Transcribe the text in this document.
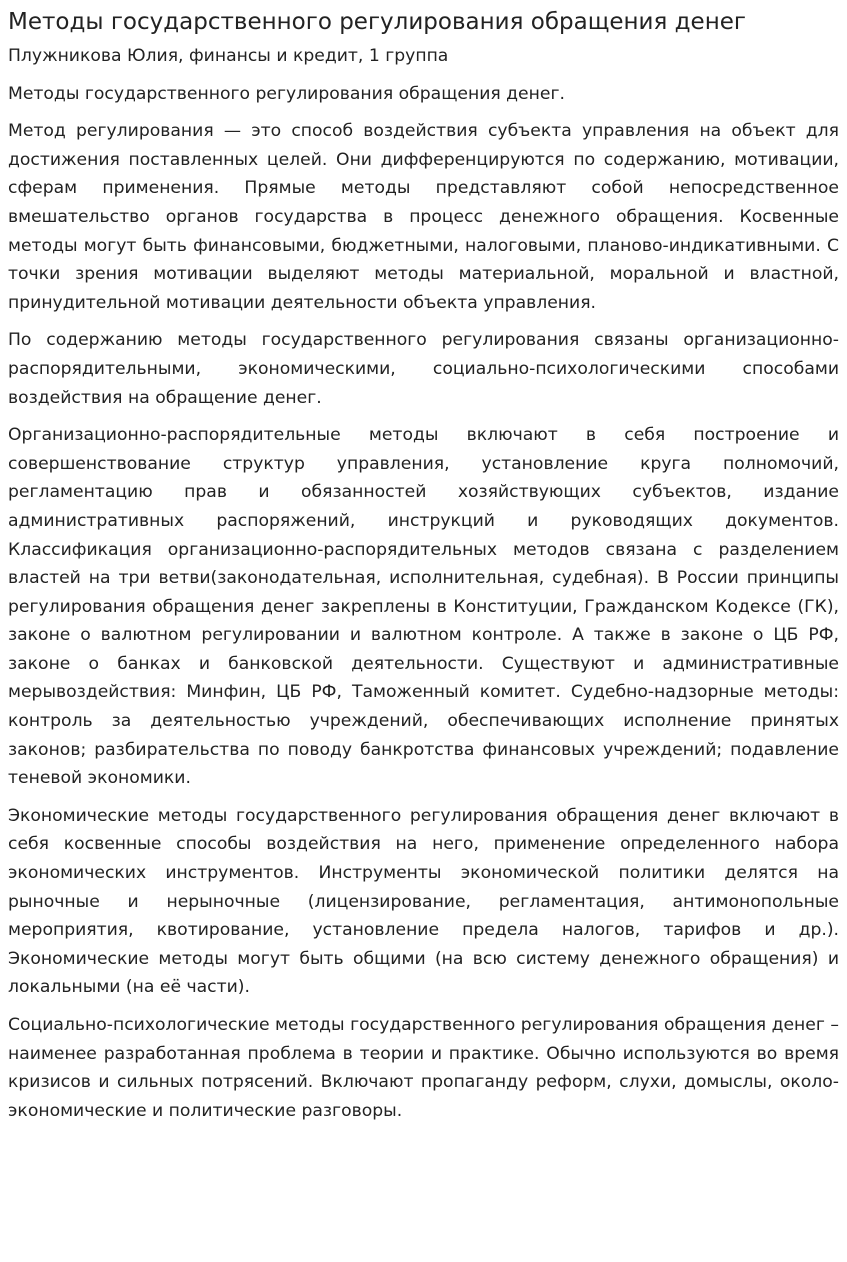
Методы государственного регулирования обращения денег

Плужникова Юлия, финансы и кредит, 1 группа

Методы государственного регулирования обращения денег.

Метод регулирования — это способ воздействия субъекта управления на объект для достижения поставленных целей. Они дифференцируются по содержанию, мотивации, сферам применения. Прямые методы представляют собой непосредственное вмешательство органов государства в процесс денежного обращения. Косвенные методы могут быть финансовыми, бюджетными, налоговыми, планово-индикативными. С точки зрения мотивации выделяют методы материальной, моральной и властной, принудительной мотивации деятельности объекта управления.

По содержанию методы государственного регулирования связаны организационно-распорядительными, экономическими, социально-психологическими способами воздействия на обращение денег.

Организационно-распорядительные методы включают в себя построение и совершенствование структур управления, установление круга полномочий, регламентацию прав и обязанностей хозяйствующих субъектов, издание административных распоряжений, инструкций и руководящих документов. Классификация организационно-распорядительных методов связана с разделением властей на три ветви(законодательная, исполнительная, судебная). В России принципы регулирования обращения денег закреплены в Конституции, Гражданском Кодексе (ГК), законе о валютном регулировании и валютном контроле. А также в законе о ЦБ РФ, законе о банках и банковской деятельности. Существуют и административные мерывоздействия: Минфин, ЦБ РФ, Таможенный комитет. Судебно-надзорные методы: контроль за деятельностью учреждений, обеспечивающих исполнение принятых законов; разбирательства по поводу банкротства финансовых учреждений; подавление теневой экономики.

Экономические методы государственного регулирования обращения денег включают в себя косвенные способы воздействия на него, применение определенного набора экономических инструментов. Инструменты экономической политики делятся на рыночные и нерыночные (лицензирование, регламентация, антимонопольные мероприятия, квотирование, установление предела налогов, тарифов и др.). Экономические методы могут быть общими (на всю систему денежного обращения) и локальными (на её части).

Социально-психологические методы государственного регулирования обращения денег – наименее разработанная проблема в теории и практике. Обычно используются во время кризисов и сильных потрясений. Включают пропаганду реформ, слухи, домыслы, около-экономические и политические разговоры.
